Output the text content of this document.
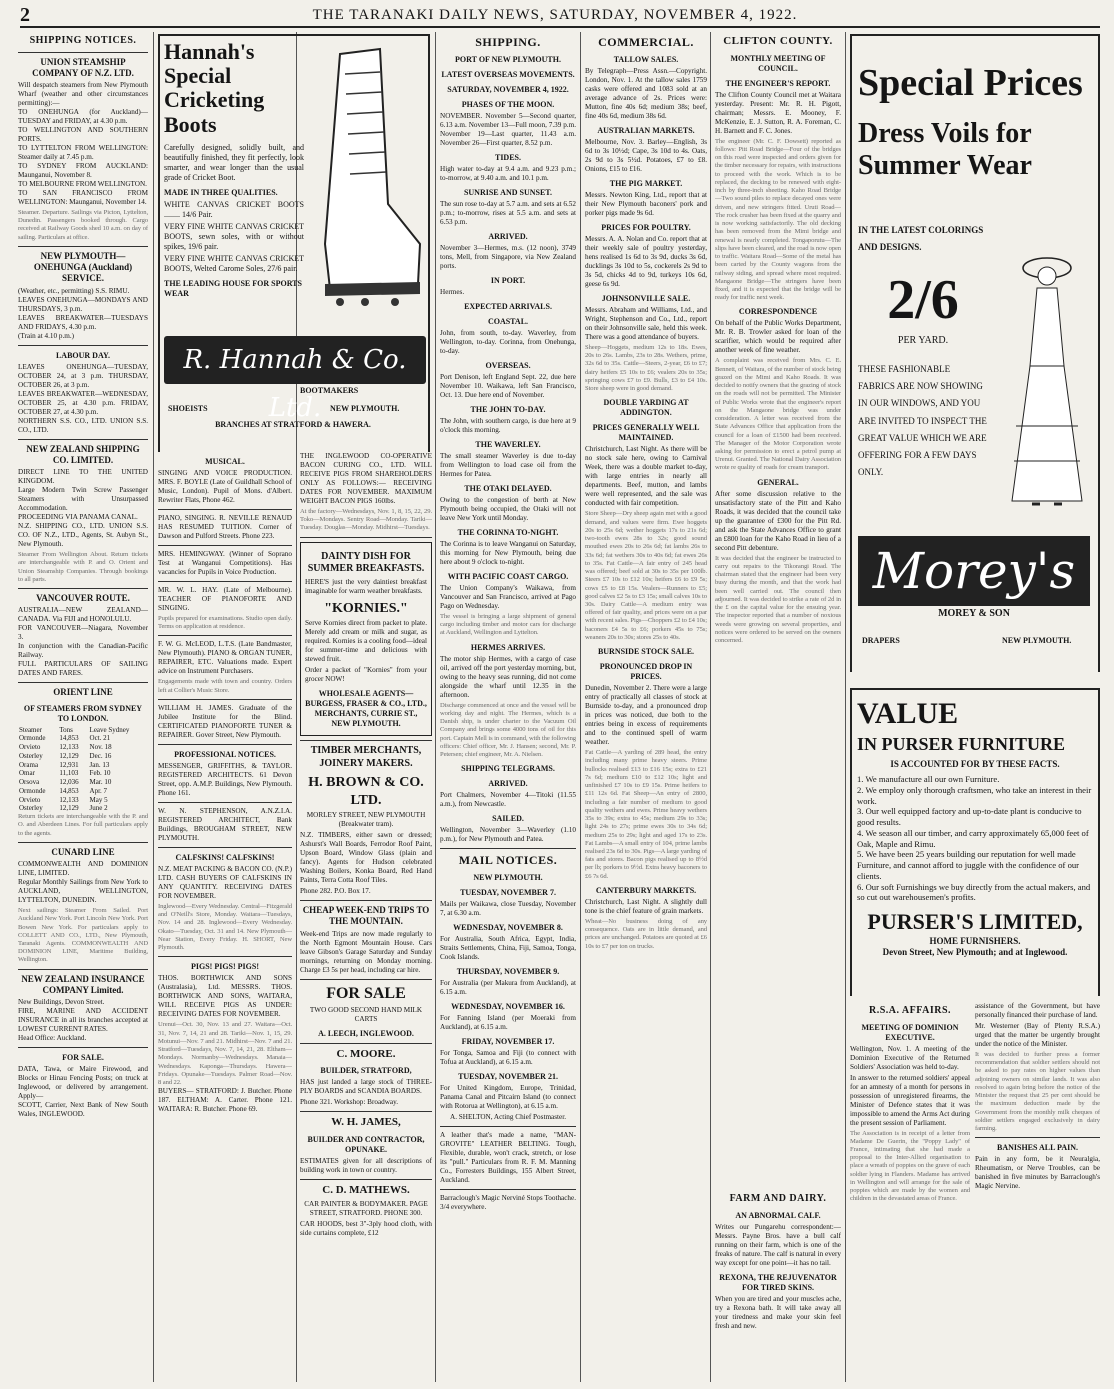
2	THE TARANAKI DAILY NEWS, SATURDAY, NOVEMBER 4, 1922.
SHIPPING NOTICES.
UNION STEAMSHIP COMPANY OF N.Z. LTD.
Will despatch steamers from New Plymouth Wharf (weather and other circumstances permitting):—
TO ONEHUNGA (for Auckland)—TUESDAY and FRIDAY, at 4.30 p.m.
TO WELLINGTON AND SOUTHERN PORTS.
TO LYTTELTON FROM WELLINGTON: Steamer daily at 7.45 p.m.
TO SYDNEY FROM AUCKLAND: Maunganui, November 8.
TO MELBOURNE FROM WELLINGTON.
TO SAN FRANCISCO FROM WELLINGTON: Maunganui, November 14.
Steamer. Departure. Sailings via Picton, Lyttelton, Dunedin. Passengers booked through. Cargo received at Railway Goods shed 10 a.m. on day of sailing. Particulars at office.
NEW PLYMOUTH—ONEHUNGA (Auckland) SERVICE.
(Weather, etc., permitting) S.S. RIMU.
LEAVES ONEHUNGA—MONDAYS AND THURSDAYS, 3 p.m.
LEAVES BREAKWATER—TUESDAYS AND FRIDAYS, 4.30 p.m.
(Train at 4.10 p.m.)
LABOUR DAY.
LEAVES ONEHUNGA—TUESDAY, OCTOBER 24, at 3 p.m. THURSDAY, OCTOBER 26, at 3 p.m.
LEAVES BREAKWATER—WEDNESDAY, OCTOBER 25, at 4.30 p.m. FRIDAY, OCTOBER 27, at 4.30 p.m.
NORTHERN S.S. CO., LTD. UNION S.S. CO., LTD.
NEW ZEALAND SHIPPING CO. LIMITED.
DIRECT LINE TO THE UNITED KINGDOM.
Large Modern Twin Screw Passenger Steamers with Unsurpassed Accommodation.
PROCEEDING VIA PANAMA CANAL.
N.Z. SHIPPING CO., LTD. UNION S.S. CO. OF N.Z., LTD., Agents, St. Aubyn St., New Plymouth.
Steamer From Wellington About. Return tickets are interchangeable with P. and O. Orient and Union Steamship Companies. Through bookings to all parts.
VANCOUVER ROUTE.
AUSTRALIA—NEW ZEALAND—CANADA. Via FIJI and HONOLULU.
FOR VANCOUVER—Niagara, November 3.
In conjunction with the Canadian-Pacific Railway.
FULL PARTICULARS OF SAILING DATES AND FARES.
ORIENT LINE
OF STEAMERS FROM SYDNEY TO LONDON.
Steamer	Tons	Leave Sydney
Ormonde	14,853	Oct. 21
Orvieto	12,133	Nov. 18
Osterley	12,129	Dec. 16
Orama	12,931	Jan. 13
Omar	11,103	Feb. 10
Orsova	12,036	Mar. 10
Ormonde	14,853	Apr. 7
Orvieto	12,133	May 5
Osterley	12,129	June 2
Return tickets are interchangeable with the P. and O. and Aberdeen Lines. For full particulars apply to the agents.
CUNARD LINE
COMMONWEALTH AND DOMINION LINE, LIMITED.
Regular Monthly Sailings from New York to AUCKLAND, WELLINGTON, LYTTELTON, DUNEDIN.
Next sailings: Steamer From Sailed. Port Auckland New York. Port Lincoln New York. Port Bowen New York. For particulars apply to COLLETT AND CO., LTD., New Plymouth, Taranaki Agents. COMMONWEALTH AND DOMINION LINE, Maritime Building, Wellington.
NEW ZEALAND INSURANCE COMPANY Limited.
New Buildings, Devon Street.
FIRE, MARINE AND ACCIDENT INSURANCE in all its branches accepted at LOWEST CURRENT RATES.
Head Office: Auckland.
FOR SALE.
DATA, Tawa, or Maire Firewood, and Blocks or Hinau Fencing Posts; on truck at Inglewood, or delivered by arrangement. Apply—
SCOTT, Carrier, Next Bank of New South Wales, INGLEWOOD.
Hannah's Special Cricketing Boots
Carefully designed, solidly built, and beautifully finished, they fit perfectly, look smarter, and wear longer than the usual grade of Cricket Boot.
MADE IN THREE QUALITIES.
WHITE CANVAS CRICKET BOOTS ........ 14/6 Pair.
VERY FINE WHITE CANVAS CRICKET BOOTS, sewn soles, with or without spikes, 19/6 pair.
VERY FINE WHITE CANVAS CRICKET BOOTS, Welted Carome Soles, 27/6 pair.
THE LEADING HOUSE FOR SPORTS WEAR
R. Hannah & Co. Ltd.
BOOTMAKERS
SHOEISTS	NEW PLYMOUTH.
BRANCHES AT STRATFORD & HAWERA.
MUSICAL.
SINGING AND VOICE PRODUCTION. MRS. F. BOYLE (Late of Guildhall School of Music, London). Pupil of Mons. d'Albert. Rewriter Flats, Phone 462.
PIANO, SINGING. R. NEVILLE RENAUD HAS RESUMED TUITION. Corner of Dawson and Pulford Streets. Phone 223.
MRS. HEMINGWAY. (Winner of Soprano Test at Wanganui Competitions). Has vacancies for Pupils in Voice Production.
MR. W. L. HAY. (Late of Melbourne). TEACHER OF PIANOFORTE AND SINGING.
Pupils prepared for examinations. Studio open daily. Terms on application at residence.
F. W. G. McLEOD, L.T.S. (Late Bandmaster, New Plymouth). PIANO & ORGAN TUNER, REPAIRER, ETC. Valuations made. Expert advice on Instrument Purchasers.
Engagements made with town and country. Orders left at Collier's Music Store.
WILLIAM H. JAMES. Graduate of the Jubilee Institute for the Blind. CERTIFICATED PIANOFORTE TUNER & REPAIRER. Gover Street, New Plymouth.
PROFESSIONAL NOTICES.
MESSENGER, GRIFFITHS, & TAYLOR. REGISTERED ARCHITECTS. 61 Devon Street, opp. A.M.P. Buildings, New Plymouth. Phone 161.
W. N. STEPHENSON, A.N.Z.I.A. REGISTERED ARCHITECT, Bank Buildings, BROUGHAM STREET, NEW PLYMOUTH.
CALFSKINS! CALFSKINS!
N.Z. MEAT PACKING & BACON CO. (N.P.) LTD. CASH BUYERS OF CALFSKINS IN ANY QUANTITY. RECEIVING DATES FOR NOVEMBER.
Inglewood—Every Wednesday. Central—Fitzgerald and O'Neill's Store, Monday. Waitara—Tuesdays, Nov. 14 and 28. Inglewood—Every Wednesday. Okato—Tuesday, Oct. 31 and 14. New Plymouth—Near Station, Every Friday. H. SHORT, New Plymouth.
PIGS! PIGS! PIGS!
THOS. BORTHWICK AND SONS (Australasia), Ltd. MESSRS. THOS. BORTHWICK AND SONS, WAITARA, WILL RECEIVE PIGS AS UNDER: RECEIVING DATES FOR NOVEMBER.
Urenui—Oct. 30, Nov. 13 and 27. Waitara—Oct. 31, Nov. 7, 14, 21 and 28. Tariki—Nov. 1, 15, 29. Motunui—Nov. 7 and 21. Midhirst—Nov. 7 and 21. Stratford—Tuesdays, Nov. 7, 14, 21, 28. Eltham—Mondays. Normanby—Wednesdays. Manaia—Wednesdays. Kaponga—Thursdays. Hawera—Fridays. Opunake—Tuesdays. Palmer Road—Nov. 8 and 22.
BUYERS— STRATFORD: J. Butcher. Phone 187. ELTHAM: A. Carter. Phone 121. WAITARA: R. Butcher. Phone 69.
THE INGLEWOOD CO-OPERATIVE BACON CURING CO., LTD. WILL RECEIVE PIGS FROM SHAREHOLDERS ONLY AS FOLLOWS:— RECEIVING DATES FOR NOVEMBER. MAXIMUM WEIGHT BACON PIGS 160lbs.
At the factory—Wednesdays, Nov. 1, 8, 15, 22, 29. Toko—Mondays. Sentry Road—Monday. Tariki—Tuesday. Douglas—Monday. Midhirst—Tuesdays.
DAINTY DISH FOR SUMMER BREAKFASTS.
HERE'S just the very daintiest breakfast imaginable for warm weather breakfasts.
"KORNIES."
Serve Kornies direct from packet to plate. Merely add cream or milk and sugar, as required. Kornies is a cooling food—ideal for summer-time and delicious with stewed fruit.
Order a packet of "Kornies" from your grocer NOW!
WHOLESALE AGENTS— BURGESS, FRASER & CO., LTD., MERCHANTS, CURRIE ST., NEW PLYMOUTH.
TIMBER MERCHANTS, JOINERY MAKERS.
H. BROWN & CO. LTD.
MORLEY STREET, NEW PLYMOUTH (Breakwater tram).
N.Z. TIMBERS, either sawn or dressed; Ashurst's Wall Boards, Ferrodor Roof Paint, Upson Board, Window Glass (plain and fancy). Agents for Hudson celebrated Washing Boilers, Konka Board, Red Hand Paints, Terra Cotta Roof Tiles.
Phone 282. P.O. Box 17.
CHEAP WEEK-END TRIPS TO THE MOUNTAIN.
Week-end Trips are now made regularly to the North Egmont Mountain House. Cars leave Gibson's Garage Saturday and Sunday mornings, returning on Monday morning. Charge £3 5s per head, including car hire.
FOR SALE
TWO GOOD SECOND HAND MILK CARTS
A. LEECH, INGLEWOOD.
C. MOORE.
BUILDER, STRATFORD,
HAS just landed a large stock of THREE-PLY BOARDS and SCANDIA BOARDS.
Phone 321. Workshop: Broadway.
W. H. JAMES,
BUILDER AND CONTRACTOR, OPUNAKE.
ESTIMATES given for all descriptions of building work in town or country.
C. D. MATHEWS.
CAR PAINTER & BODYMAKER. PAGE STREET, STRATFORD. PHONE 300.
CAR HOODS, best 3"-3ply hood cloth, with side curtains complete, £12
SHIPPING.
PORT OF NEW PLYMOUTH.
LATEST OVERSEAS MOVEMENTS.
SATURDAY, NOVEMBER 4, 1922.
PHASES OF THE MOON.
NOVEMBER. November 5—Second quarter, 6.13 a.m. November 13—Full moon, 7.39 p.m. November 19—Last quarter, 11.43 a.m. November 26—First quarter, 8.52 p.m.
TIDES.
High water to-day at 9.4 a.m. and 9.23 p.m.; to-morrow, at 9.40 a.m. and 10.1 p.m.
SUNRISE AND SUNSET.
The sun rose to-day at 5.7 a.m. and sets at 6.52 p.m.; to-morrow, rises at 5.5 a.m. and sets at 6.53 p.m.
ARRIVED.
November 3—Hermes, m.s. (12 noon), 3749 tons, Mell, from Singapore, via New Zealand ports.
IN PORT.
Hermes.
EXPECTED ARRIVALS.
COASTAL.
John, from south, to-day. Waverley, from Wellington, to-day. Corinna, from Onehunga, to-day.
OVERSEAS.
Port Denison, left England Sept. 22, due here November 10. Waikawa, left San Francisco, Oct. 13. Due here end of November.
THE JOHN TO-DAY.
The John, with southern cargo, is due here at 9 o'clock this morning.
THE WAVERLEY.
The small steamer Waverley is due to-day from Wellington to load case oil from the Hermes for Patea.
THE OTAKI DELAYED.
Owing to the congestion of berth at New Plymouth being occupied, the Otaki will not leave New York until Monday.
THE CORINNA TO-NIGHT.
The Corinna is to leave Wanganui on Saturday, this morning for New Plymouth, being due here about 9 o'clock to-night.
WITH PACIFIC COAST CARGO.
The Union Company's Waikawa, from Vancouver and San Francisco, arrived at Pago Pago on Wednesday.
The vessel is bringing a large shipment of general cargo including timber and motor cars for discharge at Auckland, Wellington and Lyttelton.
HERMES ARRIVES.
The motor ship Hermes, with a cargo of case oil, arrived off the port yesterday morning, but, owing to the heavy seas running, did not come alongside the wharf until 12.35 in the afternoon.
Discharge commenced at once and the vessel will be working day and night. The Hermes, which is a Danish ship, is under charter to the Vacuum Oil Company and brings some 4000 tons of oil for this port. Captain Mell is in command, with the following officers: Chief officer, Mr. J. Hansen; second, Mr. P. Petersen; chief engineer, Mr. A. Nielsen.
SHIPPING TELEGRAMS.
ARRIVED.
Port Chalmers, November 4—Titoki (11.55 a.m.), from Newcastle.
SAILED.
Wellington, November 3—Waverley (1.10 p.m.), for New Plymouth and Patea.
MAIL NOTICES.
NEW PLYMOUTH.
TUESDAY, NOVEMBER 7.
Mails per Waikawa, close Tuesday, November 7, at 6.30 a.m.
WEDNESDAY, NOVEMBER 8.
For Australia, South Africa, Egypt, India, Straits Settlements, China, Fiji, Samoa, Tonga, Cook Islands.
THURSDAY, NOVEMBER 9.
For Australia (per Makura from Auckland), at 6.15 a.m.
WEDNESDAY, NOVEMBER 16.
For Fanning Island (per Moeraki from Auckland), at 6.15 a.m.
FRIDAY, NOVEMBER 17.
For Tonga, Samoa and Fiji (to connect with Tofua at Auckland), at 6.15 a.m.
TUESDAY, NOVEMBER 21.
For United Kingdom, Europe, Trinidad, Panama Canal and Pitcairn Island (to connect with Rotorua at Wellington), at 6.15 a.m.
A. SHELTON, Acting Chief Postmaster.
A leather that's made a name, "MAN-GROVITE" LEATHER BELTING. Tough, Flexible, durable, won't crack, stretch, or lose its "pull." Particulars from R. F. M. Manning Co., Forresters Buildings, 155 Albert Street, Auckland.
Barraclough's Magic Nerviné Stops Toothache. 3/4 everywhere.
COMMERCIAL.
TALLOW SALES.
By Telegraph—Press Assn.—Copyright. London, Nov. 1. At the tallow sales 1759 casks were offered and 1083 sold at an average advance of 2s. Prices were: Mutton, fine 40s 6d; medium 38s; beef, fine 40s 6d, medium 38s 6d.
AUSTRALIAN MARKETS.
Melbourne, Nov. 3. Barley—English, 3s 6d to 3s 10½d; Cape, 3s 10d to 4s. Oats, 2s 9d to 3s 5½d. Potatoes, £7 to £8. Onions, £15 to £16.
THE PIG MARKET.
Messrs. Newton King, Ltd., report that at their New Plymouth baconers' pork and porker pigs made 9s 6d.
PRICES FOR POULTRY.
Messrs. A. A. Nolan and Co. report that at their weekly sale of poultry yesterday, hens realised 1s 6d to 3s 9d, ducks 3s 6d, ducklings 3s 10d to 5s, cockerels 2s 9d to 3s 5d, chicks 4d to 9d, turkeys 10s 6d, geese 6s 9d.
JOHNSONVILLE SALE.
Messrs. Abraham and Williams, Ltd., and Wright, Stephenson and Co., Ltd., report on their Johnsonville sale, held this week. There was a good attendance of buyers.
Sheep—Hoggets, medium 12s to 18s. Ewes, 20s to 26s. Lambs, 23s to 28s. Wethers, prime, 32s 6d to 35s. Cattle—Steers, 2-year, £6 to £7; dairy heifers £5 10s to £6; vealers 20s to 35s; springing cows £7 to £9. Bulls, £3 to £4 10s. Store sheep were in good demand.
DOUBLE YARDING AT ADDINGTON.
PRICES GENERALLY WELL MAINTAINED.
Christchurch, Last Night. As there will be no stock sale here, owing to Carnival Week, there was a double market to-day, with large entries in nearly all departments. Beef, mutton, and lambs were well represented, and the sale was conducted with fair competition.
Store Sheep—Dry sheep again met with a good demand, and values were firm. Ewe hoggets 20s to 25s 6d; wether hoggets 17s to 21s 6d; two-tooth ewes 28s to 32s; good sound mouthed ewes 20s to 26s 6d; fat lambs 26s to 33s 6d; fat wethers 30s to 40s 6d; fat ewes 26s to 35s. Fat Cattle—A fair entry of 245 head was offered; beef sold at 30s to 35s per 100lb. Steers £7 10s to £12 10s; heifers £6 to £9 5s; cows £5 to £8 15s. Vealers—Runners to £5; good calves £2 5s to £3 15s; small calves 10s to 30s. Dairy Cattle—A medium entry was offered of fair quality, and prices were on a par with recent sales. Pigs—Choppers £2 to £4 10s; baconers £4 5s to £6; porkers 45s to 75s; weaners 20s to 30s; stores 25s to 40s.
BURNSIDE STOCK SALE.
PRONOUNCED DROP IN PRICES.
Dunedin, November 2. There were a large entry of practically all classes of stock at Burnside to-day, and a pronounced drop in prices was noticed, due both to the entries being in excess of requirements and to the continued spell of warm weather.
Fat Cattle—A yarding of 289 head, the entry including many prime heavy steers. Prime bullocks realised £13 to £16 15s; extra to £21 7s 6d; medium £10 to £12 10s; light and unfinished £7 10s to £9 15s. Prime heifers to £11 12s 6d. Fat Sheep—An entry of 2800, including a fair number of medium to good quality wethers and ewes. Prime heavy wethers 35s to 39s; extra to 45s; medium 29s to 33s; light 24s to 27s; prime ewes 30s to 34s 6d; medium 25s to 29s; light and aged 17s to 23s. Fat Lambs—A small entry of 104, prime lambs realised 23s 6d to 30s. Pigs—A large yarding of fats and stores. Bacon pigs realised up to 8½d per lb; porkers to 9½d. Extra heavy baconers to £6 7s 6d.
CANTERBURY MARKETS.
Christchurch, Last Night. A slightly dull tone is the chief feature of grain markets.
Wheat—No business doing of any consequence. Oats are in little demand, and prices are unchanged. Potatoes are quoted at £6 10s to £7 per ton on trucks.
CLIFTON COUNTY.
MONTHLY MEETING OF COUNCIL.
THE ENGINEER'S REPORT.
The Clifton County Council met at Waitara yesterday. Present: Mr. R. H. Pigott, chairman; Messrs. E. Mooney, F. McKenzie, E. J. Sutton, R. A. Foreman, C. H. Barnett and F. C. Jones.
The engineer (Mr. C. F. Dowsett) reported as follows: Pitt Road Bridge—Four of the bridges on this road were inspected and orders given for the timber necessary for repairs, with instructions to proceed with the work. Which is to be replaced, the decking to be renewed with eight-inch by three-inch sheeting. Kaho Road Bridge—Two sound piles to replace decayed ones were driven, and new stringers fitted. Uruti Road—The rock crusher has been fixed at the quarry and is now working satisfactorily. The old decking has been removed from the Mimi bridge and renewal is nearly completed. Tongaporutu—The slips have been cleared, and the road is now open to traffic. Waitara Road—Some of the metal has been carted by the County wagons from the railway siding, and spread where most required. Mangaone Bridge—The stringers have been fixed, and it is expected that the bridge will be ready for traffic next week.
CORRESPONDENCE
On behalf of the Public Works Department, Mr. R. B. Trowler asked for loan of the scarifier, which would be required after another week of fine weather.
A complaint was received from Mrs. C. E. Bennett, of Waitara, of the number of stock being grazed on the Mimi and Kaho Roads. It was decided to notify owners that the grazing of stock on the roads will not be permitted. The Minister of Public Works wrote that the engineer's report on the Mangaone bridge was under consideration. A letter was received from the State Advances Office that application from the council for a loan of £1500 had been received. The Manager of the Motor Corporation wrote asking for permission to erect a petrol pump at Urenui. Granted. The National Dairy Association wrote re quality of roads for cream transport.
GENERAL.
After some discussion relative to the unsatisfactory state of the Pitt and Kaho Roads, it was decided that the council take up the guarantee of £300 for the Pitt Rd. and ask the State Advances Office to grant an £800 loan for the Kaho Road in lieu of a second Pitt debenture.
It was decided that the engineer be instructed to carry out repairs to the Tikorangi Road. The chairman stated that the engineer had been very busy during the month, and that the work had been well carried out. The council then adjourned. It was decided to strike a rate of 2d in the £ on the capital value for the ensuing year. The inspector reported that a number of noxious weeds were growing on several properties, and notices were ordered to be served on the owners concerned.
Special Prices
Dress Voils for Summer Wear
IN THE LATEST COLORINGS AND DESIGNS.
2/6
PER YARD.
THESE FASHIONABLE FABRICS ARE NOW SHOWING IN OUR WINDOWS, AND YOU ARE INVITED TO INSPECT THE GREAT VALUE WHICH WE ARE OFFERING FOR A FEW DAYS ONLY.
Morey's
MOREY & SON
DRAPERS	NEW PLYMOUTH.
VALUE
IN PURSER FURNITURE
IS ACCOUNTED FOR BY THESE FACTS.
1. We manufacture all our own Furniture.
2. We employ only thorough craftsmen, who take an interest in their work.
3. Our well equipped factory and up-to-date plant is conducive to good results.
4. We season all our timber, and carry approximately 65,000 feet of Oak, Maple and Rimu.
5. We have been 25 years building our reputation for well made Furniture, and cannot afford to juggle with the confidence of our clients.
6. Our soft Furnishings we buy directly from the actual makers, and so cut out warehousemen's profits.
PURSER'S LIMITED,
HOME FURNISHERS.
Devon Street, New Plymouth; and at Inglewood.
R.S.A. AFFAIRS.
MEETING OF DOMINION EXECUTIVE.
Wellington, Nov. 1. A meeting of the Dominion Executive of the Returned Soldiers' Association was held to-day.
In answer to the returned soldiers' appeal for an amnesty of a month for persons in possession of unregistered firearms, the Minister of Defence states that it was impossible to amend the Arms Act during the present session of Parliament.
The Association is in receipt of a letter from Madame De Guerin, the "Poppy Lady" of France, intimating that she had made a proposal to the Inter-Allied organisation to place a wreath of poppies on the grave of each soldier lying in Flanders. Madame has arrived in Wellington and will arrange for the sale of poppies which are made by the women and children in the devastated areas of France.
assistance of the Government, but have personally financed their purchase of land.
Mr. Westerner (Bay of Plenty R.S.A.) urged that the matter be urgently brought under the notice of the Minister.
It was decided to further press a former recommendation that soldier settlers should not be asked to pay rates on higher values than adjoining owners on similar lands. It was also resolved to again bring before the notice of the Minister the request that 25 per cent should be the maximum deduction made by the Government from the monthly milk cheques of soldier settlers engaged exclusively in dairy farming.
BANISHES ALL PAIN.
Pain in any form, be it Neuralgia, Rheumatism, or Nerve Troubles, can be banished in five minutes by Barraclough's Magic Nervine.
FARM AND DAIRY.
AN ABNORMAL CALF.
Writes our Pungarehu correspondent:— Messrs. Payne Bros. have a bull calf running on their farm, which is one of the freaks of nature. The calf is natural in every way except for one point—it has no tail.
REXONA, THE REJUVENATOR FOR TIRED SKINS.
When you are tired and your muscles ache, try a Rexona bath. It will take away all your tiredness and make your skin feel fresh and new.
